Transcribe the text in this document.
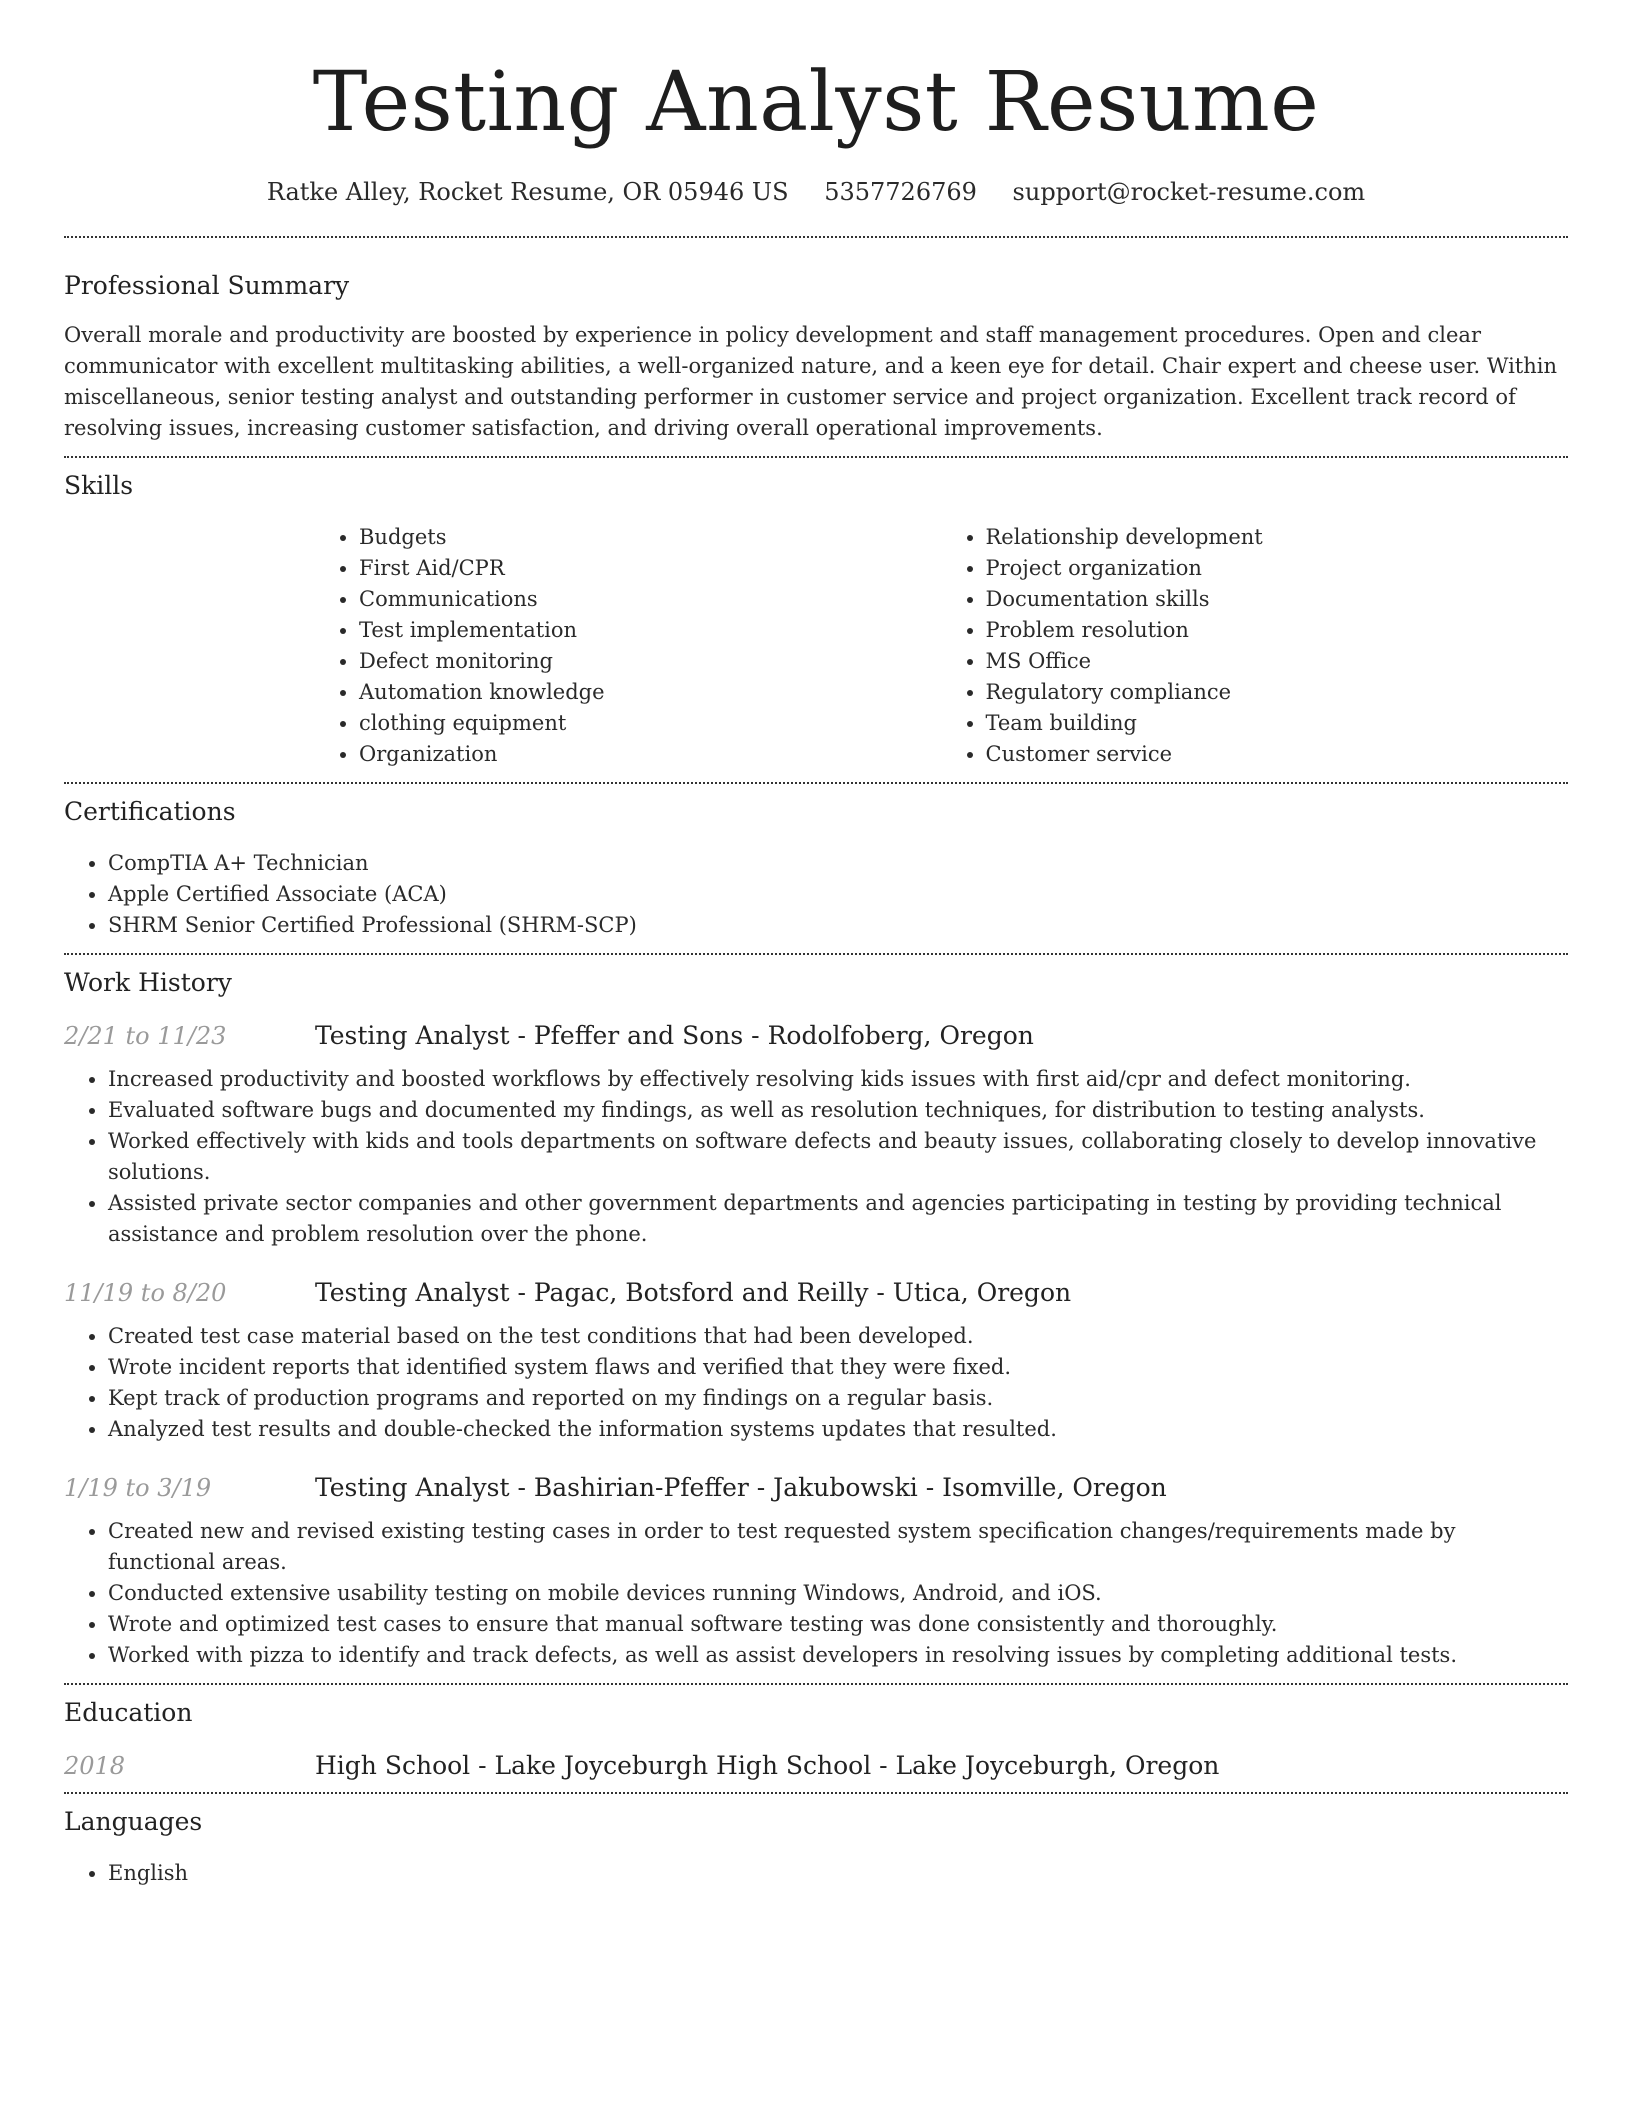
Testing Analyst Resume
Ratke Alley, Rocket Resume, OR 05946 US 5357726769 support@rocket-resume.com
Professional Summary

Overall morale and productivity are boosted by experience in policy development and staff management procedures. Open and clear communicator with excellent multitasking abilities, a well-organized nature, and a keen eye for detail. Chair expert and cheese user. Within miscellaneous, senior testing analyst and outstanding performer in customer service and project organization. Excellent track record of resolving issues, increasing customer satisfaction, and driving overall operational improvements.

Skills
• Budgets
• First Aid/CPR
• Communications
• Test implementation
• Defect monitoring
• Automation knowledge
• clothing equipment
• Organization
• Relationship development
• Project organization
• Documentation skills
• Problem resolution
• MS Office
• Regulatory compliance
• Team building
• Customer service
Certifications
• CompTIA A+ Technician
• Apple Certified Associate (ACA)
• SHRM Senior Certified Professional (SHRM-SCP)
Work History
2/21 to 11/23	Testing Analyst - Pfeffer and Sons - Rodolfoberg, Oregon
• Increased productivity and boosted workflows by effectively resolving kids issues with first aid/cpr and defect monitoring.
• Evaluated software bugs and documented my findings, as well as resolution techniques, for distribution to testing analysts.
• Worked effectively with kids and tools departments on software defects and beauty issues, collaborating closely to develop innovative solutions.
• Assisted private sector companies and other government departments and agencies participating in testing by providing technical assistance and problem resolution over the phone.
11/19 to 8/20	Testing Analyst - Pagac, Botsford and Reilly - Utica, Oregon
• Created test case material based on the test conditions that had been developed.
• Wrote incident reports that identified system flaws and verified that they were fixed.
• Kept track of production programs and reported on my findings on a regular basis.
• Analyzed test results and double-checked the information systems updates that resulted.
1/19 to 3/19	Testing Analyst - Bashirian-Pfeffer - Jakubowski - Isomville, Oregon
• Created new and revised existing testing cases in order to test requested system specification changes/requirements made by functional areas.
• Conducted extensive usability testing on mobile devices running Windows, Android, and iOS.
• Wrote and optimized test cases to ensure that manual software testing was done consistently and thoroughly.
• Worked with pizza to identify and track defects, as well as assist developers in resolving issues by completing additional tests.
Education
2018	High School - Lake Joyceburgh High School - Lake Joyceburgh, Oregon
Languages
• English
